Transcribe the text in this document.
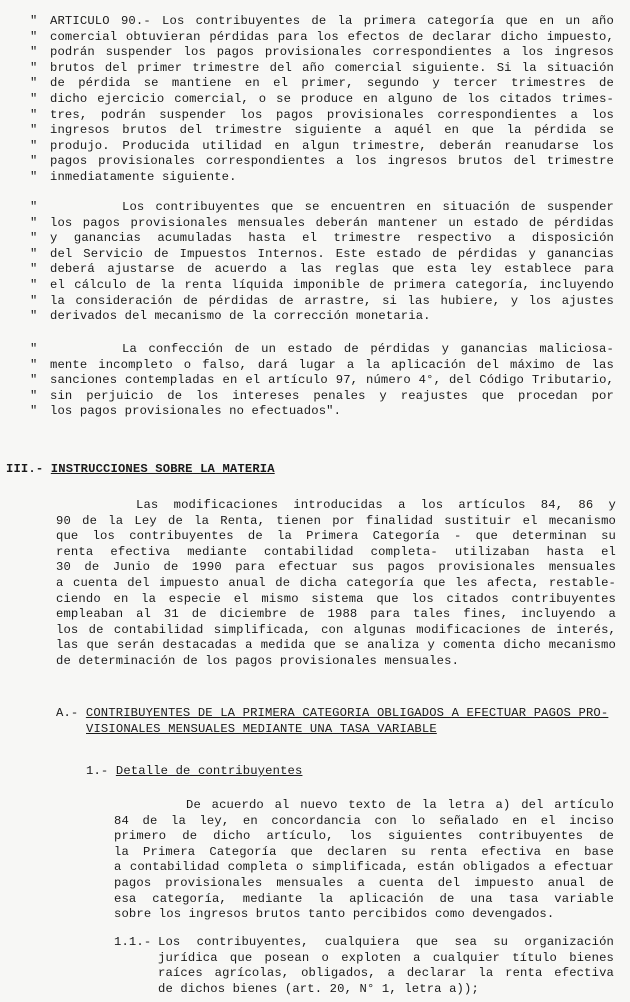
"	ARTICULO 90.- Los contribuyentes de la primera categoría que en un año
"	comercial obtuvieran pérdidas para los efectos de declarar dicho impuesto,
"	podrán suspender los pagos provisionales correspondientes a los ingresos
"	brutos del primer trimestre del año comercial siguiente. Si la situación
"	de pérdida se mantiene en el primer, segundo y tercer trimestres de
"	dicho ejercicio comercial, o se produce en alguno de los citados trimes-
"	tres, podrán suspender los pagos provisionales correspondientes a los
"	ingresos brutos del trimestre siguiente a aquél en que la pérdida se
"	produjo. Producida utilidad en algun trimestre, deberán reanudarse los
"	pagos provisionales correspondientes a los ingresos brutos del trimestre
"	inmediatamente siguiente.
"	Los contribuyentes que se encuentren en situación de suspender
"	los pagos provisionales mensuales deberán mantener un estado de pérdidas
"	y ganancias acumuladas hasta el trimestre respectivo a disposición
"	del Servicio de Impuestos Internos. Este estado de pérdidas y ganancias
"	deberá ajustarse de acuerdo a las reglas que esta ley establece para
"	el cálculo de la renta líquida imponible de primera categoría, incluyendo
"	la consideración de pérdidas de arrastre, si las hubiere, y los ajustes
"	derivados del mecanismo de la corrección monetaria.
"	La confección de un estado de pérdidas y ganancias maliciosa-
"	mente incompleto o falso, dará lugar a la aplicación del máximo de las
"	sanciones contempladas en el artículo 97, número 4°, del Código Tributario,
"	sin perjuicio de los intereses penales y reajustes que procedan por
"	los pagos provisionales no efectuados".
III.- INSTRUCCIONES SOBRE LA MATERIA
Las modificaciones introducidas a los artículos 84, 86 y
90 de la Ley de la Renta, tienen por finalidad sustituir el mecanismo
que los contribuyentes de la Primera Categoría - que determinan su
renta efectiva mediante contabilidad completa- utilizaban hasta el
30 de Junio de 1990 para efectuar sus pagos provisionales mensuales
a cuenta del impuesto anual de dicha categoría que les afecta, restable-
ciendo en la especie el mismo sistema que los citados contribuyentes
empleaban al 31 de diciembre de 1988 para tales fines, incluyendo a
los de contabilidad simplificada, con algunas modificaciones de interés,
las que serán destacadas a medida que se analiza y comenta dicho mecanismo
de determinación de los pagos provisionales mensuales.
A.- CONTRIBUYENTES DE LA PRIMERA CATEGORIA OBLIGADOS A EFECTUAR PAGOS PRO-
VISIONALES MENSUALES MEDIANTE UNA TASA VARIABLE
1.- Detalle de contribuyentes
De acuerdo al nuevo texto de la letra a) del artículo
84 de la ley, en concordancia con lo señalado en el inciso
primero de dicho artículo, los siguientes contribuyentes de
la Primera Categoría que declaren su renta efectiva en base
a contabilidad completa o simplificada, están obligados a efectuar
pagos provisionales mensuales a cuenta del impuesto anual de
esa categoría, mediante la aplicación de una tasa variable
sobre los ingresos brutos tanto percibidos como devengados.
1.1.- Los contribuyentes, cualquiera que sea su organización
jurídica que posean o exploten a cualquier título bienes
raíces agrícolas, obligados, a declarar la renta efectiva
de dichos bienes (art. 20, N° 1, letra a));
